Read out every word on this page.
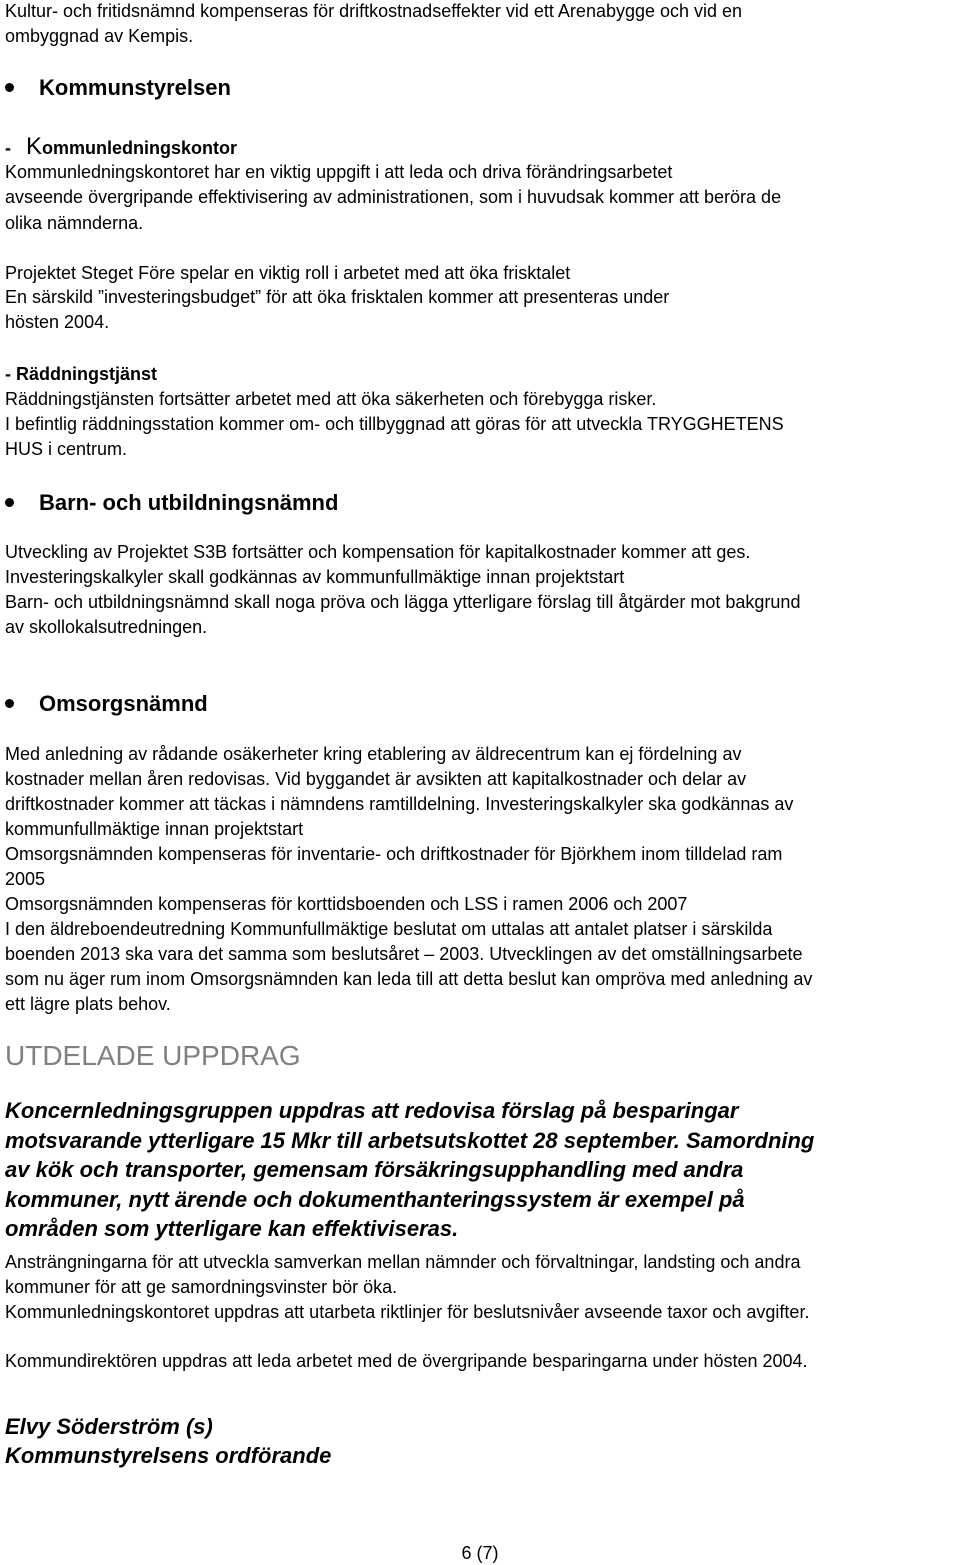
Kultur- och fritidsnämnd kompenseras för driftkostnadseffekter vid ett Arenabygge och vid en
ombyggnad av Kempis.
Kommunstyrelsen
- Kommunledningskontor
Kommunledningskontoret har en viktig uppgift i att leda och driva förändringsarbetet
avseende övergripande effektivisering av administrationen, som i huvudsak kommer att beröra de
olika nämnderna.
Projektet Steget Före spelar en viktig roll i arbetet med att öka frisktalet
En särskild ”investeringsbudget” för att öka frisktalen kommer att presenteras under
hösten 2004.
- Räddningstjänst
Räddningstjänsten fortsätter arbetet med att öka säkerheten och förebygga risker.
I befintlig räddningsstation kommer om- och tillbyggnad att göras för att utveckla TRYGGHETENS
HUS i centrum.
Barn- och utbildningsnämnd
Utveckling av Projektet S3B fortsätter och kompensation för kapitalkostnader kommer att ges.
Investeringskalkyler skall godkännas av kommunfullmäktige innan projektstart
Barn- och utbildningsnämnd skall noga pröva och lägga ytterligare förslag till åtgärder mot bakgrund
av skollokalsutredningen.
Omsorgsnämnd
Med anledning av rådande osäkerheter kring etablering av äldrecentrum kan ej fördelning av
kostnader mellan åren redovisas. Vid byggandet är avsikten att kapitalkostnader och delar av
driftkostnader kommer att täckas i nämndens ramtilldelning. Investeringskalkyler ska godkännas av
kommunfullmäktige innan projektstart
Omsorgsnämnden kompenseras för inventarie- och driftkostnader för Björkhem inom tilldelad ram
2005
Omsorgsnämnden kompenseras för korttidsboenden och LSS i ramen 2006 och 2007
I den äldreboendeutredning Kommunfullmäktige beslutat om uttalas att antalet platser i särskilda
boenden 2013 ska vara det samma som beslutsåret – 2003. Utvecklingen av det omställningsarbete
som nu äger rum inom Omsorgsnämnden kan leda till att detta beslut kan ompröva med anledning av
ett lägre plats behov.
UTDELADE UPPDRAG
Koncernledningsgruppen uppdras att redovisa förslag på besparingar
motsvarande ytterligare 15 Mkr till arbetsutskottet 28 september. Samordning
av kök och transporter, gemensam försäkringsupphandling med andra
kommuner, nytt ärende och dokumenthanteringssystem är exempel på
områden som ytterligare kan effektiviseras.
Ansträngningarna för att utveckla samverkan mellan nämnder och förvaltningar, landsting och andra
kommuner för att ge samordningsvinster bör öka.
Kommunledningskontoret uppdras att utarbeta riktlinjer för beslutsnivåer avseende taxor och avgifter.
Kommundirektören uppdras att leda arbetet med de övergripande besparingarna under hösten 2004.
Elvy Söderström (s)
Kommunstyrelsens ordförande
6 (7)
